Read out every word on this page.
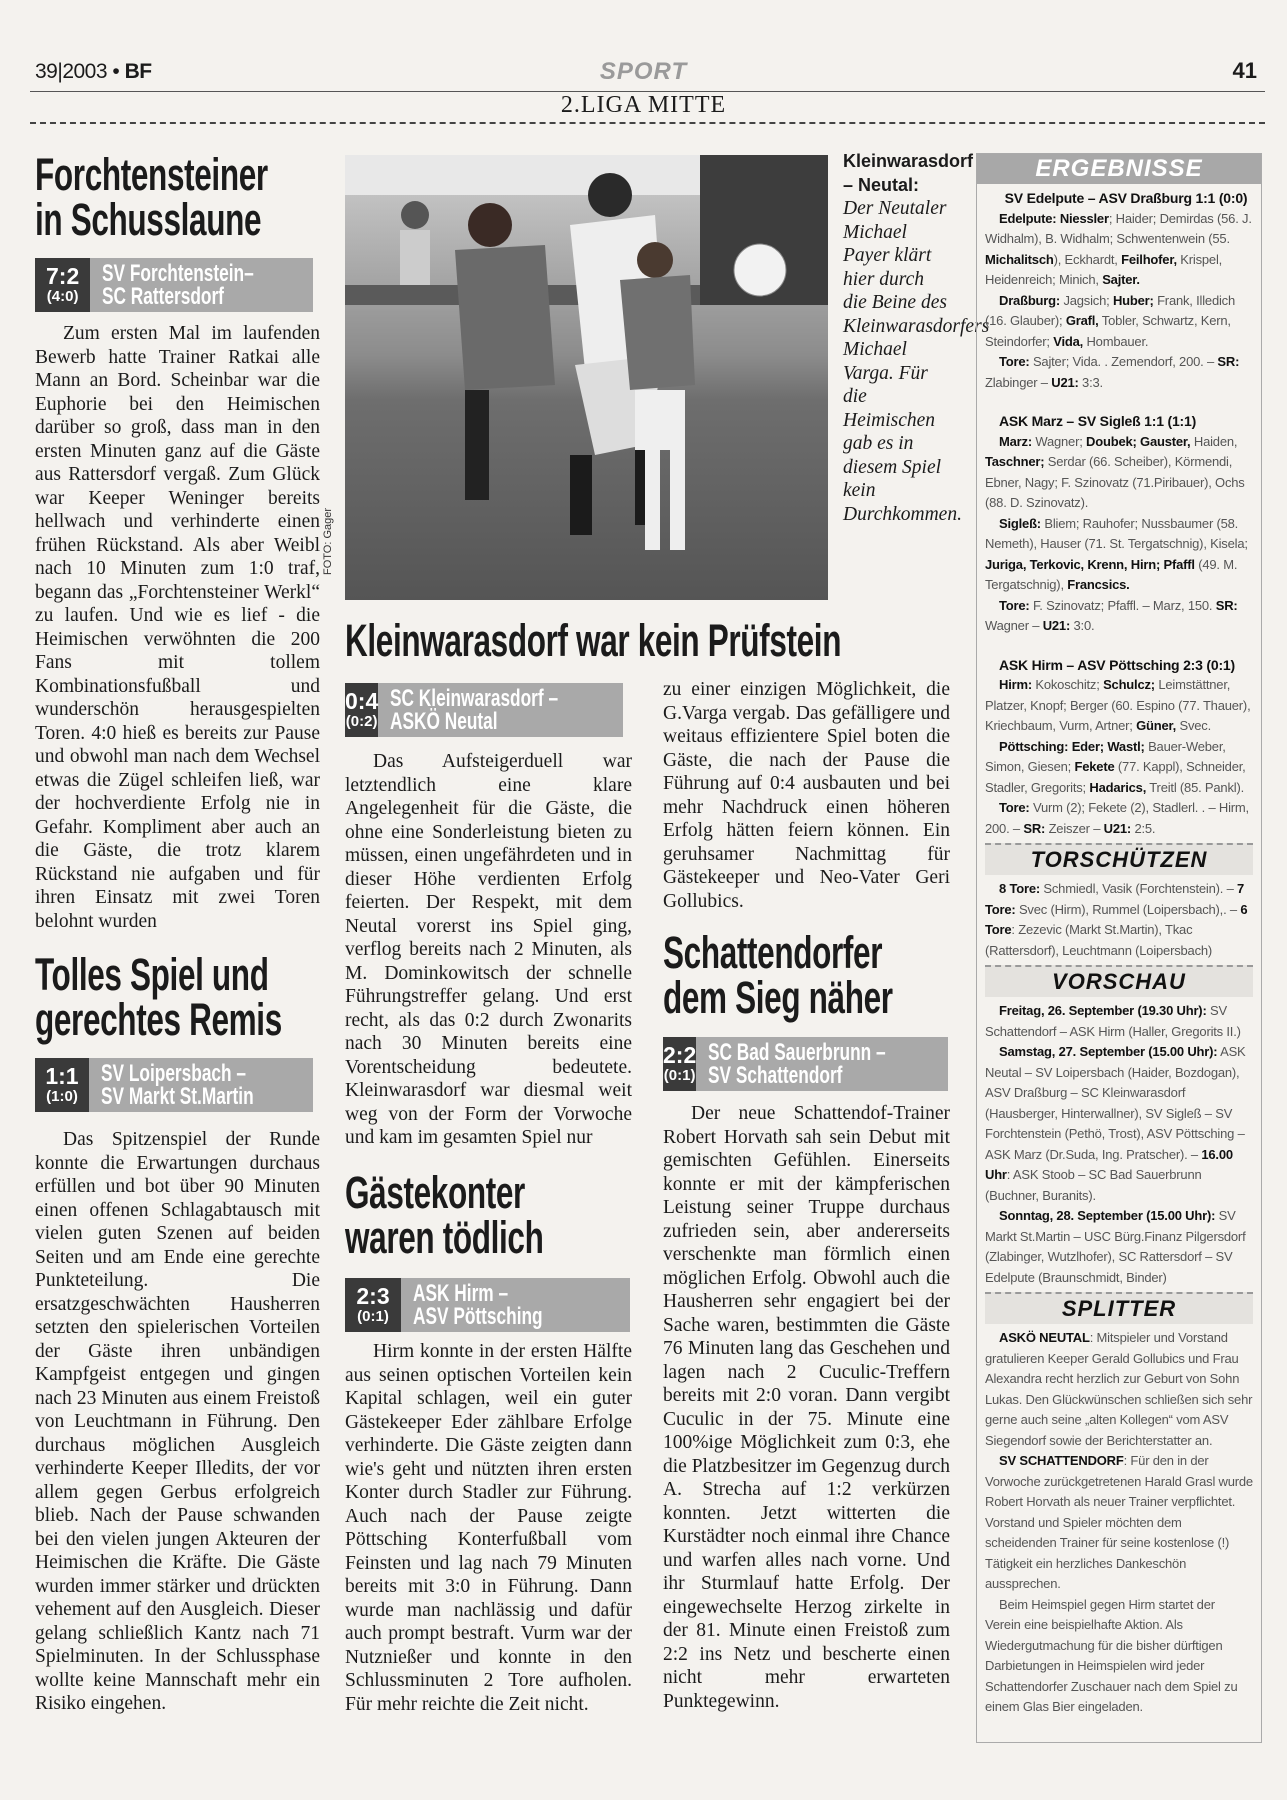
39|2003 • BF	SPORT	41
2.LIGA MITTE
Forchtensteiner
in Schusslaune
7:2
(4:0)
SV Forchtenstein–
SC Rattersdorf

Zum ersten Mal im laufenden Bewerb hatte Trainer Ratkai alle Mann an Bord. Scheinbar war die Euphorie bei den Heimischen darüber so groß, dass man in den ersten Minuten ganz auf die Gäste aus Rattersdorf vergaß. Zum Glück war Keeper Weninger bereits hellwach und verhinderte einen frühen Rückstand. Als aber Weibl nach 10 Minuten zum 1:0 traf, begann das „Forchtensteiner Werkl“ zu laufen. Und wie es lief - die Heimischen verwöhnten die 200 Fans mit tollem Kombinationsfußball und wunderschön herausgespielten Toren. 4:0 hieß es bereits zur Pause und obwohl man nach dem Wechsel etwas die Zügel schleifen ließ, war der hochverdiente Erfolg nie in Gefahr. Kompliment aber auch an die Gäste, die trotz klarem Rückstand nie aufgaben und für ihren Einsatz mit zwei Toren belohnt wurden

Tolles Spiel und
gerechtes Remis
1:1
(1:0)
SV Loipersbach –
SV Markt St.Martin

Das Spitzenspiel der Runde konnte die Erwartungen durchaus erfüllen und bot über 90 Minuten einen offenen Schlagabtausch mit vielen guten Szenen auf beiden Seiten und am Ende eine gerechte Punkteteilung. Die ersatzgeschwächten Hausherren setzten den spielerischen Vorteilen der Gäste ihren unbändigen Kampfgeist entgegen und gingen nach 23 Minuten aus einem Freistoß von Leuchtmann in Führung. Den durchaus möglichen Ausgleich verhinderte Keeper Illedits, der vor allem gegen Gerbus erfolgreich blieb. Nach der Pause schwanden bei den vielen jungen Akteuren der Heimischen die Kräfte. Die Gäste wurden immer stärker und drückten vehement auf den Ausgleich. Dieser gelang schließlich Kantz nach 71 Spielminuten. In der Schlussphase wollte keine Mannschaft mehr ein Risiko eingehen.

FOTO: Gager
Kleinwarasdorf – Neutal: Der Neutaler Michael Payer klärt hier durch die Beine des Kleinwarasdorfers Michael Varga. Für die Heimischen gab es in diesem Spiel kein Durchkommen.
Kleinwarasdorf war kein Prüfstein
0:4
(0:2)
SC Kleinwarasdorf –
ASKÖ Neutal

Das Aufsteigerduell war letztendlich eine klare Angelegenheit für die Gäste, die ohne eine Sonderleistung bieten zu müssen, einen ungefährdeten und in dieser Höhe verdienten Erfolg feierten. Der Respekt, mit dem Neutal vorerst ins Spiel ging, verflog bereits nach 2 Minuten, als M. Dominkowitsch der schnelle Führungstreffer gelang. Und erst recht, als das 0:2 durch Zwonarits nach 30 Minuten bereits eine Vorentscheidung bedeutete. Kleinwarasdorf war diesmal weit weg von der Form der Vorwoche und kam im gesamten Spiel nur

zu einer einzigen Möglichkeit, die G.Varga vergab. Das gefälligere und weitaus effizientere Spiel boten die Gäste, die nach der Pause die Führung auf 0:4 ausbauten und bei mehr Nachdruck einen höheren Erfolg hätten feiern können. Ein geruhsamer Nachmittag für Gästekeeper und Neo-Vater Geri Gollubics.

Gästekonter
waren tödlich
2:3
(0:1)
ASK Hirm –
ASV Pöttsching

Hirm konnte in der ersten Hälfte aus seinen optischen Vorteilen kein Kapital schlagen, weil ein guter Gästekeeper Eder zählbare Erfolge verhinderte. Die Gäste zeigten dann wie's geht und nützten ihren ersten Konter durch Stadler zur Führung. Auch nach der Pause zeigte Pöttsching Konterfußball vom Feinsten und lag nach 79 Minuten bereits mit 3:0 in Führung. Dann wurde man nachlässig und dafür auch prompt bestraft. Vurm war der Nutznießer und konnte in den Schlussminuten 2 Tore aufholen. Für mehr reichte die Zeit nicht.

Schattendorfer
dem Sieg näher
2:2
(0:1)
SC Bad Sauerbrunn –
SV Schattendorf

Der neue Schattendof-Trainer Robert Horvath sah sein Debut mit gemischten Gefühlen. Einerseits konnte er mit der kämpferischen Leistung seiner Truppe durchaus zufrieden sein, aber andererseits verschenkte man förmlich einen möglichen Erfolg. Obwohl auch die Hausherren sehr engagiert bei der Sache waren, bestimmten die Gäste 76 Minuten lang das Geschehen und lagen nach 2 Cuculic-Treffern bereits mit 2:0 voran. Dann vergibt Cuculic in der 75. Minute eine 100%ige Möglichkeit zum 0:3, ehe die Platzbesitzer im Gegenzug durch A. Strecha auf 1:2 verkürzen konnten. Jetzt witterten die Kurstädter noch einmal ihre Chance und warfen alles nach vorne. Und ihr Sturmlauf hatte Erfolg. Der eingewechselte Herzog zirkelte in der 81. Minute einen Freistoß zum 2:2 ins Netz und bescherte einen nicht mehr erwarteten Punktegewinn.

ERGEBNISSE

SV Edelpute – ASV Draßburg 1:1 (0:0)

Edelpute: Niessler; Haider; Demirdas (56. J. Widhalm), B. Widhalm; Schwentenwein (55. Michalitsch), Eckhardt, Feilhofer, Krispel, Heidenreich; Minich, Sajter.

Draßburg: Jagsich; Huber; Frank, Illedich (16. Glauber); Grafl, Tobler, Schwartz, Kern, Steindorfer; Vida, Hombauer.

Tore: Sajter; Vida. . Zemendorf, 200. – SR: Zlabinger – U21: 3:3.

ASK Marz – SV Sigleß 1:1 (1:1)

Marz: Wagner; Doubek; Gauster, Haiden, Taschner; Serdar (66. Scheiber), Körmendi, Ebner, Nagy; F. Szinovatz (71.Piribauer), Ochs (88. D. Szinovatz).

Sigleß: Bliem; Rauhofer; Nussbaumer (58. Nemeth), Hauser (71. St. Tergatschnig), Kisela; Juriga, Terkovic, Krenn, Hirn; Pfaffl (49. M. Tergatschnig), Francsics.

Tore: F. Szinovatz; Pfaffl. – Marz, 150. SR: Wagner – U21: 3:0.

ASK Hirm – ASV Pöttsching 2:3 (0:1)

Hirm: Kokoschitz; Schulcz; Leimstättner, Platzer, Knopf; Berger (60. Espino (77. Thauer), Kriechbaum, Vurm, Artner; Güner, Svec.

Pöttsching: Eder; Wastl; Bauer-Weber, Simon, Giesen; Fekete (77. Kappl), Schneider, Stadler, Gregorits; Hadarics, Treitl (85. Pankl).

Tore: Vurm (2); Fekete (2), Stadlerl. . – Hirm, 200. – SR: Zeiszer – U21: 2:5.

TORSCHÜTZEN

8 Tore: Schmiedl, Vasik (Forchtenstein). – 7 Tore: Svec (Hirm), Rummel (Loipersbach),. – 6 Tore: Zezevic (Markt St.Martin), Tkac (Rattersdorf), Leuchtmann (Loipersbach)

VORSCHAU

Freitag, 26. September (19.30 Uhr): SV Schattendorf – ASK Hirm (Haller, Gregorits II.)

Samstag, 27. September (15.00 Uhr): ASK Neutal – SV Loipersbach (Haider, Bozdogan), ASV Draßburg – SC Kleinwarasdorf (Hausberger, Hinterwallner), SV Sigleß – SV Forchtenstein (Pethö, Trost), ASV Pöttsching – ASK Marz (Dr.Suda, Ing. Pratscher). – 16.00 Uhr: ASK Stoob – SC Bad Sauerbrunn (Buchner, Buranits).

Sonntag, 28. September (15.00 Uhr): SV Markt St.Martin – USC Bürg.Finanz Pilgersdorf (Zlabinger, Wutzlhofer), SC Rattersdorf – SV Edelpute (Braunschmidt, Binder)

SPLITTER

ASKÖ NEUTAL: Mitspieler und Vorstand gratulieren Keeper Gerald Gollubics und Frau Alexandra recht herzlich zur Geburt von Sohn Lukas. Den Glückwünschen schließen sich sehr gerne auch seine „alten Kollegen“ vom ASV Siegendorf sowie der Berichterstatter an.

SV SCHATTENDORF: Für den in der Vorwoche zurückgetretenen Harald Grasl wurde Robert Horvath als neuer Trainer verpflichtet. Vorstand und Spieler möchten dem scheidenden Trainer für seine kostenlose (!) Tätigkeit ein herzliches Dankeschön aussprechen.

Beim Heimspiel gegen Hirm startet der Verein eine beispielhafte Aktion. Als Wiedergutmachung für die bisher dürftigen Darbietungen in Heimspielen wird jeder Schattendorfer Zuschauer nach dem Spiel zu einem Glas Bier eingeladen.
